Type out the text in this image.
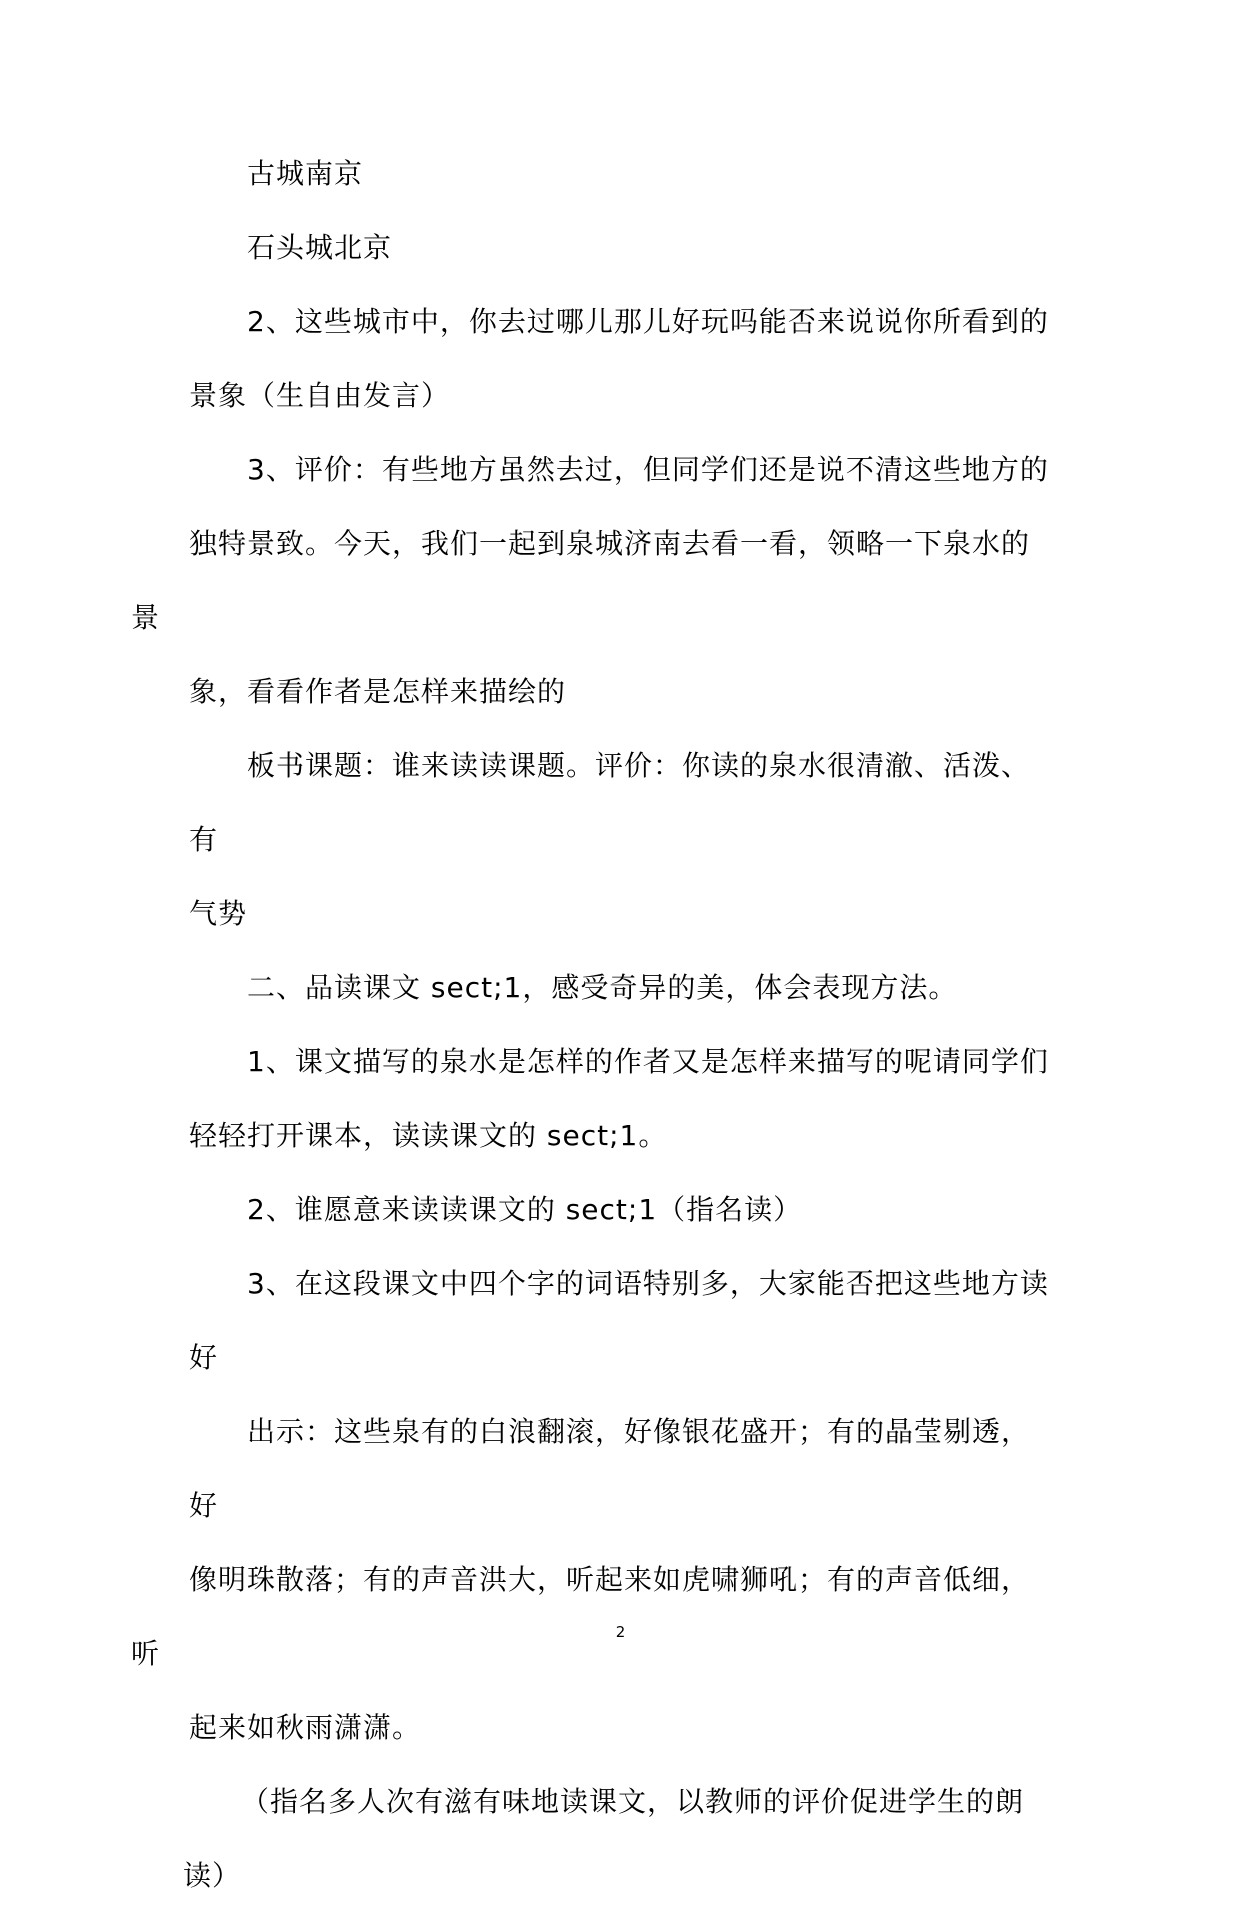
古城南京

石头城北京

2、这些城市中，你去过哪儿那儿好玩吗能否来说说你所看到的
景象（生自由发言）

3、评价：有些地方虽然去过，但同学们还是说不清这些地方的
独特景致。今天，我们一起到泉城济南去看一看，领略一下泉水的景
象，看看作者是怎样来描绘的

板书课题：谁来读读课题。评价：你读的泉水很清澈、活泼、有
气势

二、品读课文 sect;1，感受奇异的美，体会表现方法。

1、课文描写的泉水是怎样的作者又是怎样来描写的呢请同学们
轻轻打开课本，读读课文的 sect;1。

2、谁愿意来读读课文的 sect;1（指名读）

3、在这段课文中四个字的词语特别多，大家能否把这些地方读
好

出示：这些泉有的白浪翻滚，好像银花盛开；有的晶莹剔透，好
像明珠散落；有的声音洪大，听起来如虎啸狮吼；有的声音低细，听
起来如秋雨潇潇。

（指名多人次有滋有味地读课文，以教师的评价促进学生的朗读）

2
